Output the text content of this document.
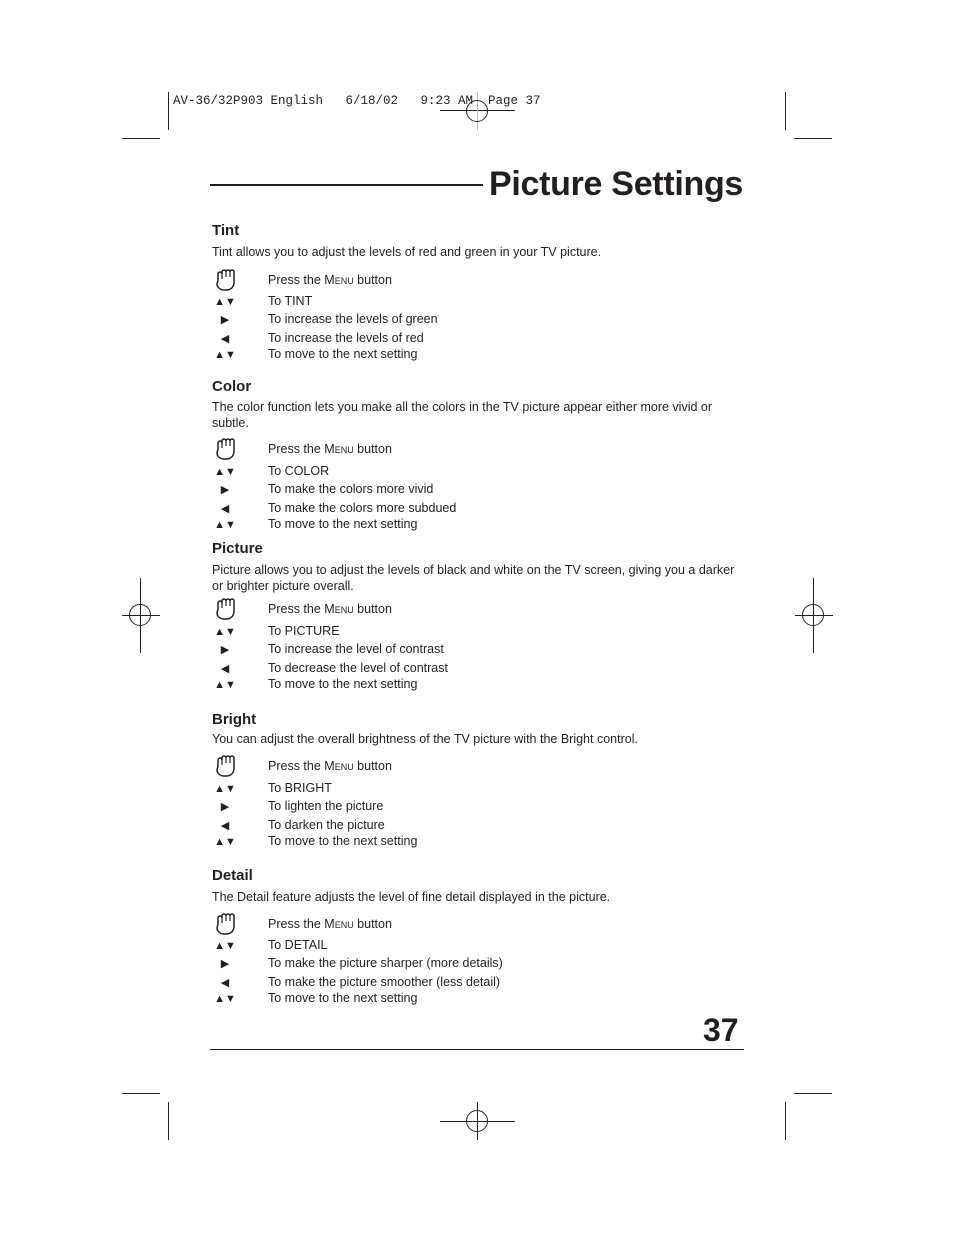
AV-36/32P903 English   6/18/02   9:23 AM  Page 37
Picture Settings
Tint
Tint allows you to adjust the levels of red and green in your TV picture.
Press the Menu button
▲▼	To TINT
▶	To increase the levels of green
◀	To increase the levels of red
▲▼	To move to the next setting
Color
The color function lets you make all the colors in the TV picture appear either more vivid or subtle.
Press the Menu button
▲▼	To COLOR
▶	To make the colors more vivid
◀	To make the colors more subdued
▲▼	To move to the next setting
Picture
Picture allows you to adjust the levels of black and white on the TV screen, giving you a darker or brighter picture overall.
Press the Menu button
▲▼	To PICTURE
▶	To increase the level of contrast
◀	To decrease the level of contrast
▲▼	To move to the next setting
Bright
You can adjust the overall brightness of the TV picture with the Bright control.
Press the Menu button
▲▼	To BRIGHT
▶	To lighten the picture
◀	To darken the picture
▲▼	To move to the next setting
Detail
The Detail feature adjusts the level of fine detail displayed in the picture.
Press the Menu button
▲▼	To DETAIL
▶	To make the picture sharper (more details)
◀	To make the picture smoother (less detail)
▲▼	To move to the next setting
37
